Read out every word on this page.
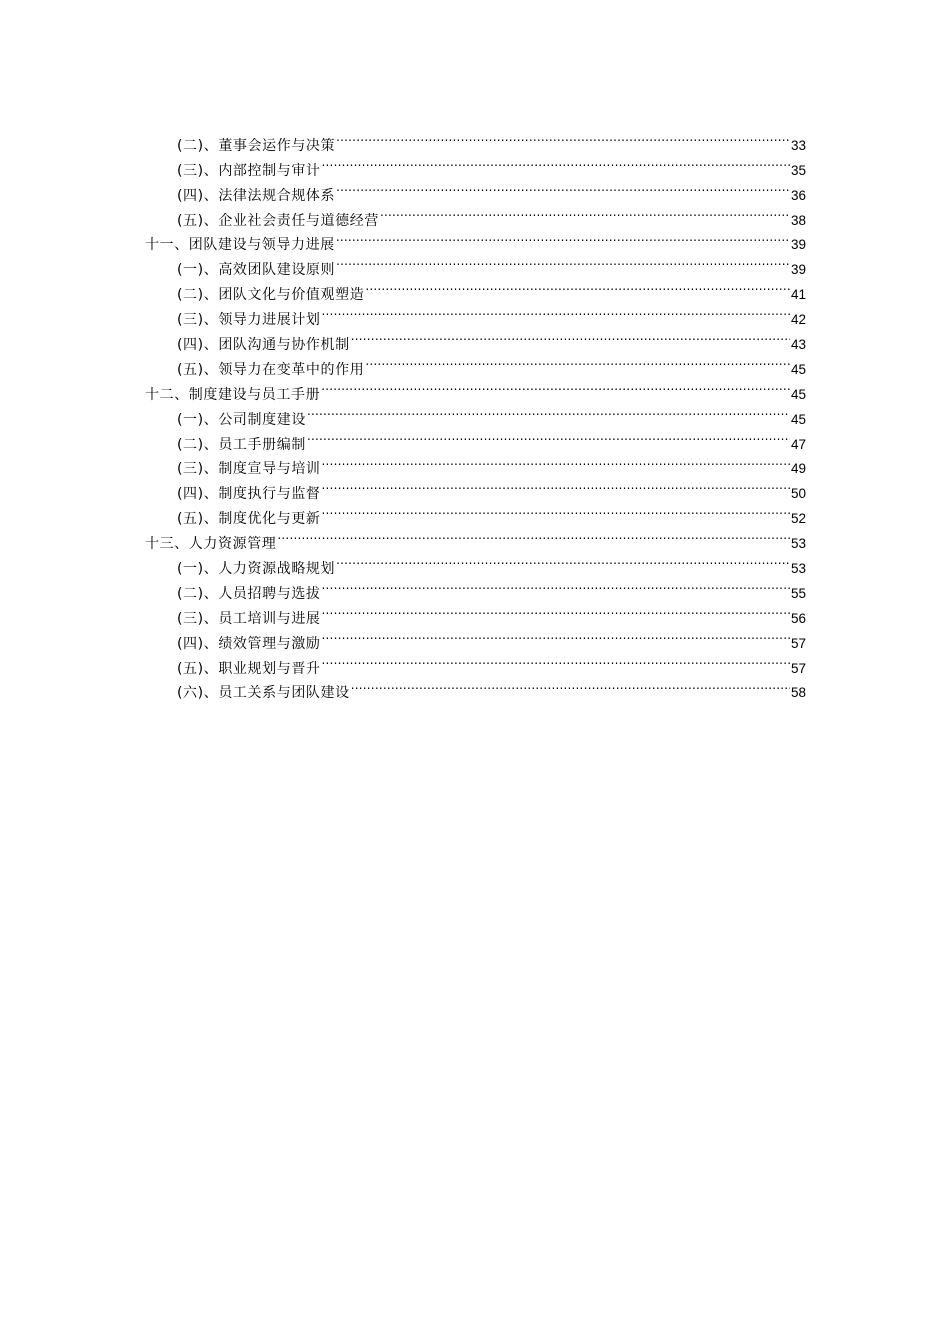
(二)、董事会运作与决策 .....	33
(三)、内部控制与审计 .....	35
(四)、法律法规合规体系 .....	36
(五)、企业社会责任与道德经营 .....	38
十一、团队建设与领导力进展 .....	39
(一)、高效团队建设原则 .....	39
(二)、团队文化与价值观塑造 .....	41
(三)、领导力进展计划 .....	42
(四)、团队沟通与协作机制 .....	43
(五)、领导力在变革中的作用 .....	45
十二、制度建设与员工手册 .....	45
(一)、公司制度建设 .....	45
(二)、员工手册编制 .....	47
(三)、制度宣导与培训 .....	49
(四)、制度执行与监督 .....	50
(五)、制度优化与更新 .....	52
十三、人力资源管理 .....	53
(一)、人力资源战略规划 .....	53
(二)、人员招聘与选拔 .....	55
(三)、员工培训与进展 .....	56
(四)、绩效管理与激励 .....	57
(五)、职业规划与晋升 .....	57
(六)、员工关系与团队建设 .....	58
